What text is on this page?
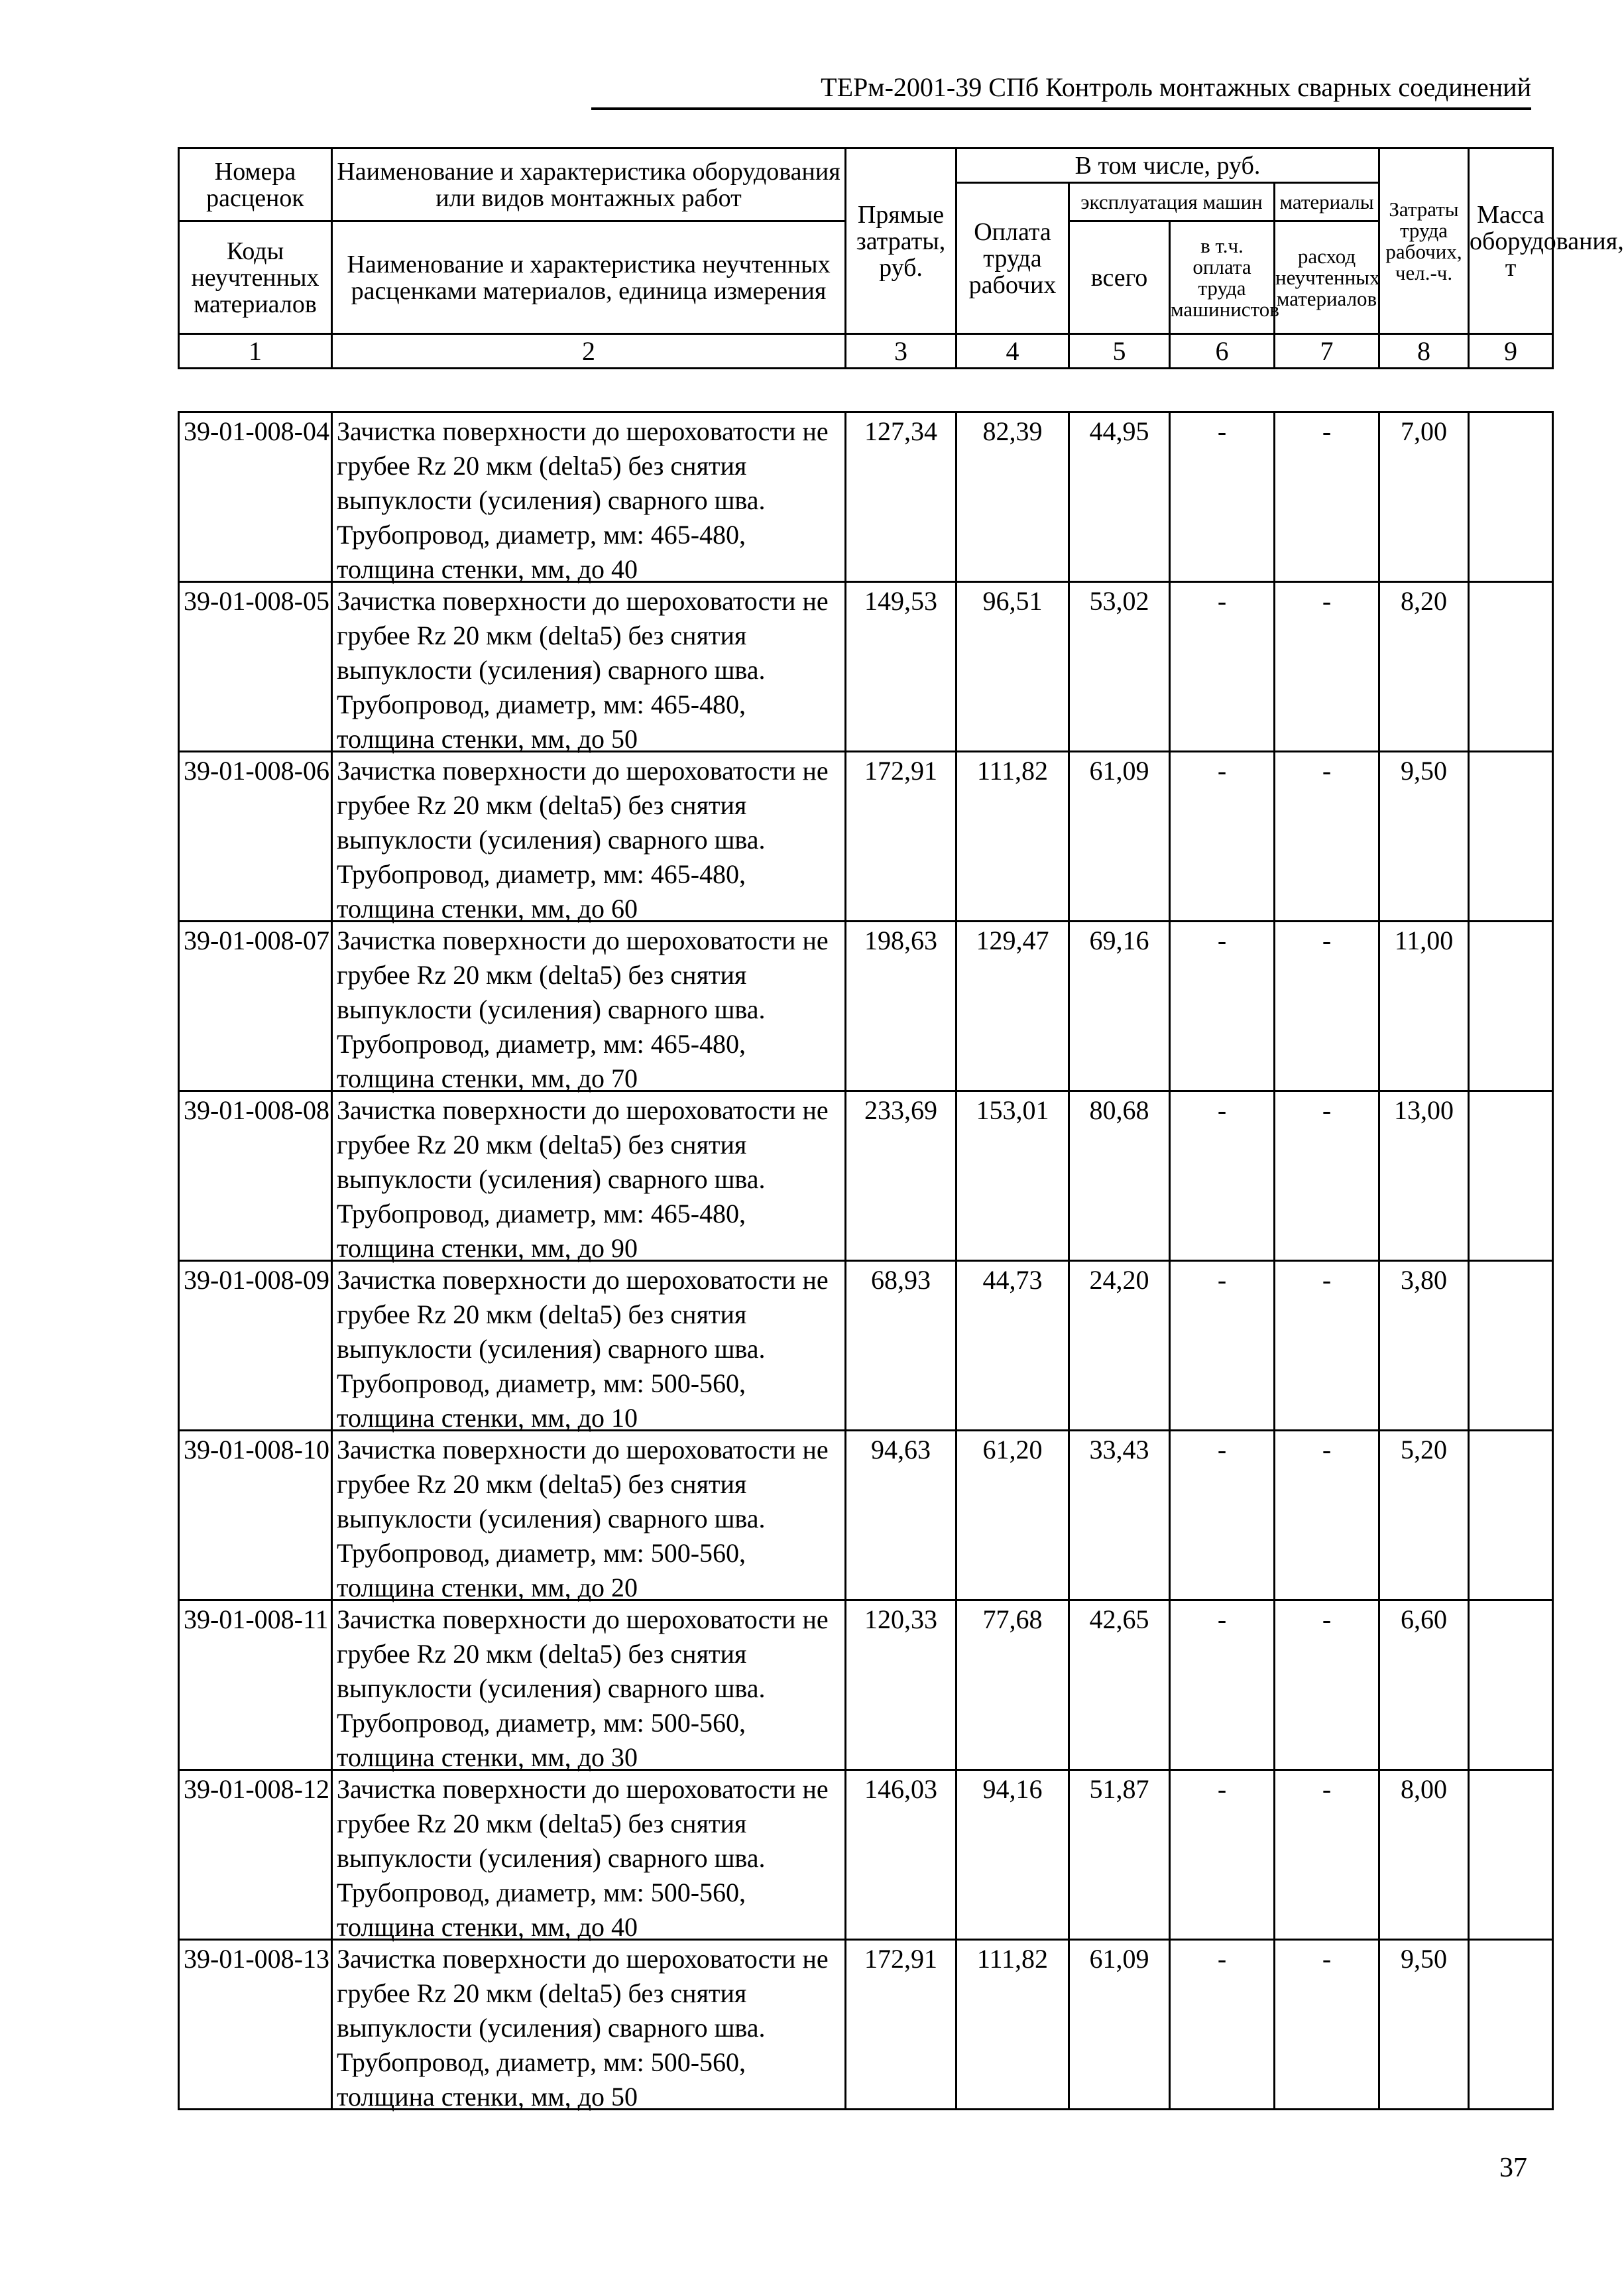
ТЕРм-2001-39 СПб Контроль монтажных сварных соединений
Номера расценок	Наименование и характеристика оборудования или видов монтажных работ	Прямые затраты, руб.	В том числе, руб.				Затраты труда рабочих, чел.-ч.	Масса оборудования, т
			Оплата труда рабочих	эксплуатация машин		материалы		
Коды неучтенных материалов	Наименование и характеристика неучтенных расценками материалов, единица измерения			всего	в т.ч. оплата труда машинистов	расход неучтенных материалов		
1	2	3	4	5	6	7	8	9
39-01-008-04	Зачистка поверхности до шероховатости не грубее Rz 20 мкм (delta5) без снятия выпуклости (усиления) сварного шва. Трубопровод, диаметр, мм: 465-480, толщина стенки, мм, до 40	127,34	82,39	44,95	-	-	7,00	
39-01-008-05	Зачистка поверхности до шероховатости не грубее Rz 20 мкм (delta5) без снятия выпуклости (усиления) сварного шва. Трубопровод, диаметр, мм: 465-480, толщина стенки, мм, до 50	149,53	96,51	53,02	-	-	8,20	
39-01-008-06	Зачистка поверхности до шероховатости не грубее Rz 20 мкм (delta5) без снятия выпуклости (усиления) сварного шва. Трубопровод, диаметр, мм: 465-480, толщина стенки, мм, до 60	172,91	111,82	61,09	-	-	9,50	
39-01-008-07	Зачистка поверхности до шероховатости не грубее Rz 20 мкм (delta5) без снятия выпуклости (усиления) сварного шва. Трубопровод, диаметр, мм: 465-480, толщина стенки, мм, до 70	198,63	129,47	69,16	-	-	11,00	
39-01-008-08	Зачистка поверхности до шероховатости не грубее Rz 20 мкм (delta5) без снятия выпуклости (усиления) сварного шва. Трубопровод, диаметр, мм: 465-480, толщина стенки, мм, до 90	233,69	153,01	80,68	-	-	13,00	
39-01-008-09	Зачистка поверхности до шероховатости не грубее Rz 20 мкм (delta5) без снятия выпуклости (усиления) сварного шва. Трубопровод, диаметр, мм: 500-560, толщина стенки, мм, до 10	68,93	44,73	24,20	-	-	3,80	
39-01-008-10	Зачистка поверхности до шероховатости не грубее Rz 20 мкм (delta5) без снятия выпуклости (усиления) сварного шва. Трубопровод, диаметр, мм: 500-560, толщина стенки, мм, до 20	94,63	61,20	33,43	-	-	5,20	
39-01-008-11	Зачистка поверхности до шероховатости не грубее Rz 20 мкм (delta5) без снятия выпуклости (усиления) сварного шва. Трубопровод, диаметр, мм: 500-560, толщина стенки, мм, до 30	120,33	77,68	42,65	-	-	6,60	
39-01-008-12	Зачистка поверхности до шероховатости не грубее Rz 20 мкм (delta5) без снятия выпуклости (усиления) сварного шва. Трубопровод, диаметр, мм: 500-560, толщина стенки, мм, до 40	146,03	94,16	51,87	-	-	8,00	
39-01-008-13	Зачистка поверхности до шероховатости не грубее Rz 20 мкм (delta5) без снятия выпуклости (усиления) сварного шва. Трубопровод, диаметр, мм: 500-560, толщина стенки, мм, до 50	172,91	111,82	61,09	-	-	9,50	
37
